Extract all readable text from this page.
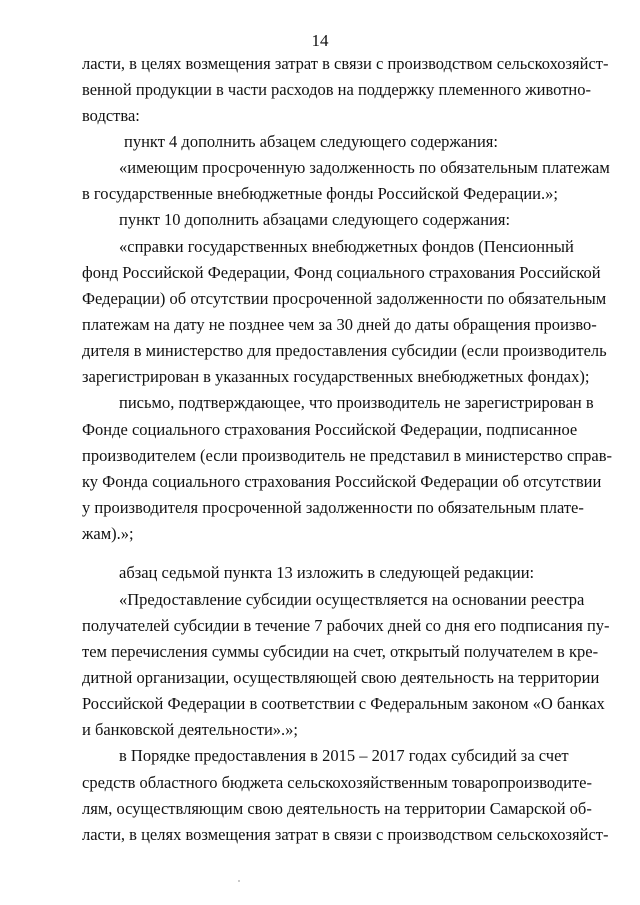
14
ласти, в целях возмещения затрат в связи с производством сельскохозяйст-
венной продукции в части расходов на поддержку племенного животно-
водства:
пункт 4 дополнить абзацем следующего содержания:
«имеющим просроченную задолженность по обязательным платежам
в государственные внебюджетные фонды Российской Федерации.»;
пункт 10 дополнить абзацами следующего содержания:
«справки государственных внебюджетных фондов (Пенсионный
фонд Российской Федерации, Фонд социального страхования Российской
Федерации) об отсутствии просроченной задолженности по обязательным
платежам на дату не позднее чем за 30 дней до даты обращения произво-
дителя в министерство для предоставления субсидии (если производитель
зарегистрирован в указанных государственных внебюджетных фондах);
письмо, подтверждающее, что производитель не зарегистрирован в
Фонде социального страхования Российской Федерации, подписанное
производителем (если производитель не представил в министерство справ-
ку Фонда социального страхования Российской Федерации об отсутствии
у производителя просроченной задолженности по обязательным плате-
жам).»;
абзац седьмой пункта 13 изложить в следующей редакции:
«Предоставление субсидии осуществляется на основании реестра
получателей субсидии в течение 7 рабочих дней со дня его подписания пу-
тем перечисления суммы субсидии на счет, открытый получателем в кре-
дитной организации, осуществляющей свою деятельность на территории
Российской Федерации в соответствии с Федеральным законом «О банках
и банковской деятельности».»;
в Порядке предоставления в 2015 – 2017 годах субсидий за счет
средств областного бюджета сельскохозяйственным товаропроизводите-
лям, осуществляющим свою деятельность на территории Самарской об-
ласти, в целях возмещения затрат в связи с производством сельскохозяйст-
